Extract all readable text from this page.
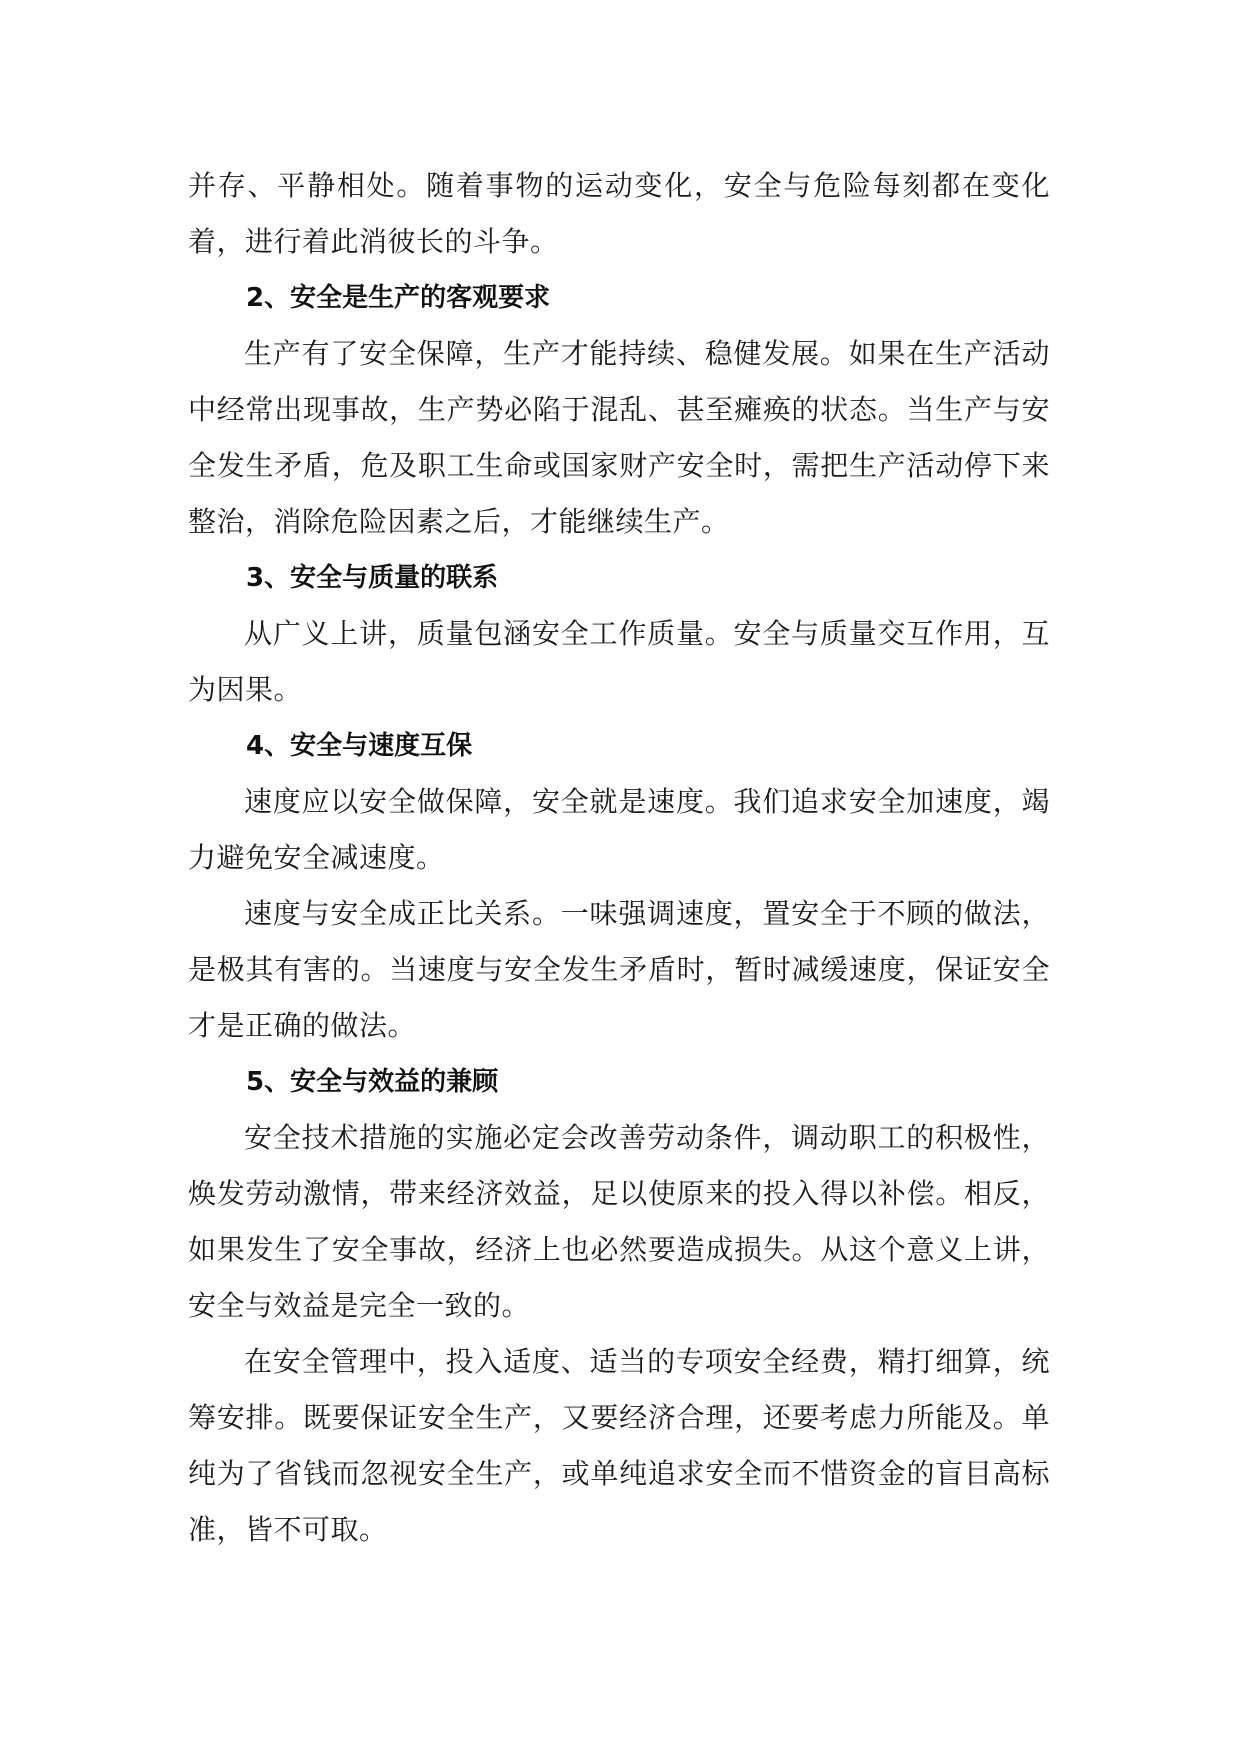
并存、平静相处。随着事物的运动变化，安全与危险每刻都在变化着，进行着此消彼长的斗争。

2、安全是生产的客观要求

生产有了安全保障，生产才能持续、稳健发展。如果在生产活动中经常出现事故，生产势必陷于混乱、甚至瘫痪的状态。当生产与安全发生矛盾，危及职工生命或国家财产安全时，需把生产活动停下来整治，消除危险因素之后，才能继续生产。

3、安全与质量的联系

从广义上讲，质量包涵安全工作质量。安全与质量交互作用，互为因果。

4、安全与速度互保

速度应以安全做保障，安全就是速度。我们追求安全加速度，竭力避免安全减速度。

速度与安全成正比关系。一味强调速度，置安全于不顾的做法，是极其有害的。当速度与安全发生矛盾时，暂时减缓速度，保证安全才是正确的做法。

5、安全与效益的兼顾

安全技术措施的实施必定会改善劳动条件，调动职工的积极性，焕发劳动激情，带来经济效益，足以使原来的投入得以补偿。相反，如果发生了安全事故，经济上也必然要造成损失。从这个意义上讲，安全与效益是完全一致的。

在安全管理中，投入适度、适当的专项安全经费，精打细算，统筹安排。既要保证安全生产，又要经济合理，还要考虑力所能及。单纯为了省钱而忽视安全生产，或单纯追求安全而不惜资金的盲目高标准，皆不可取。
